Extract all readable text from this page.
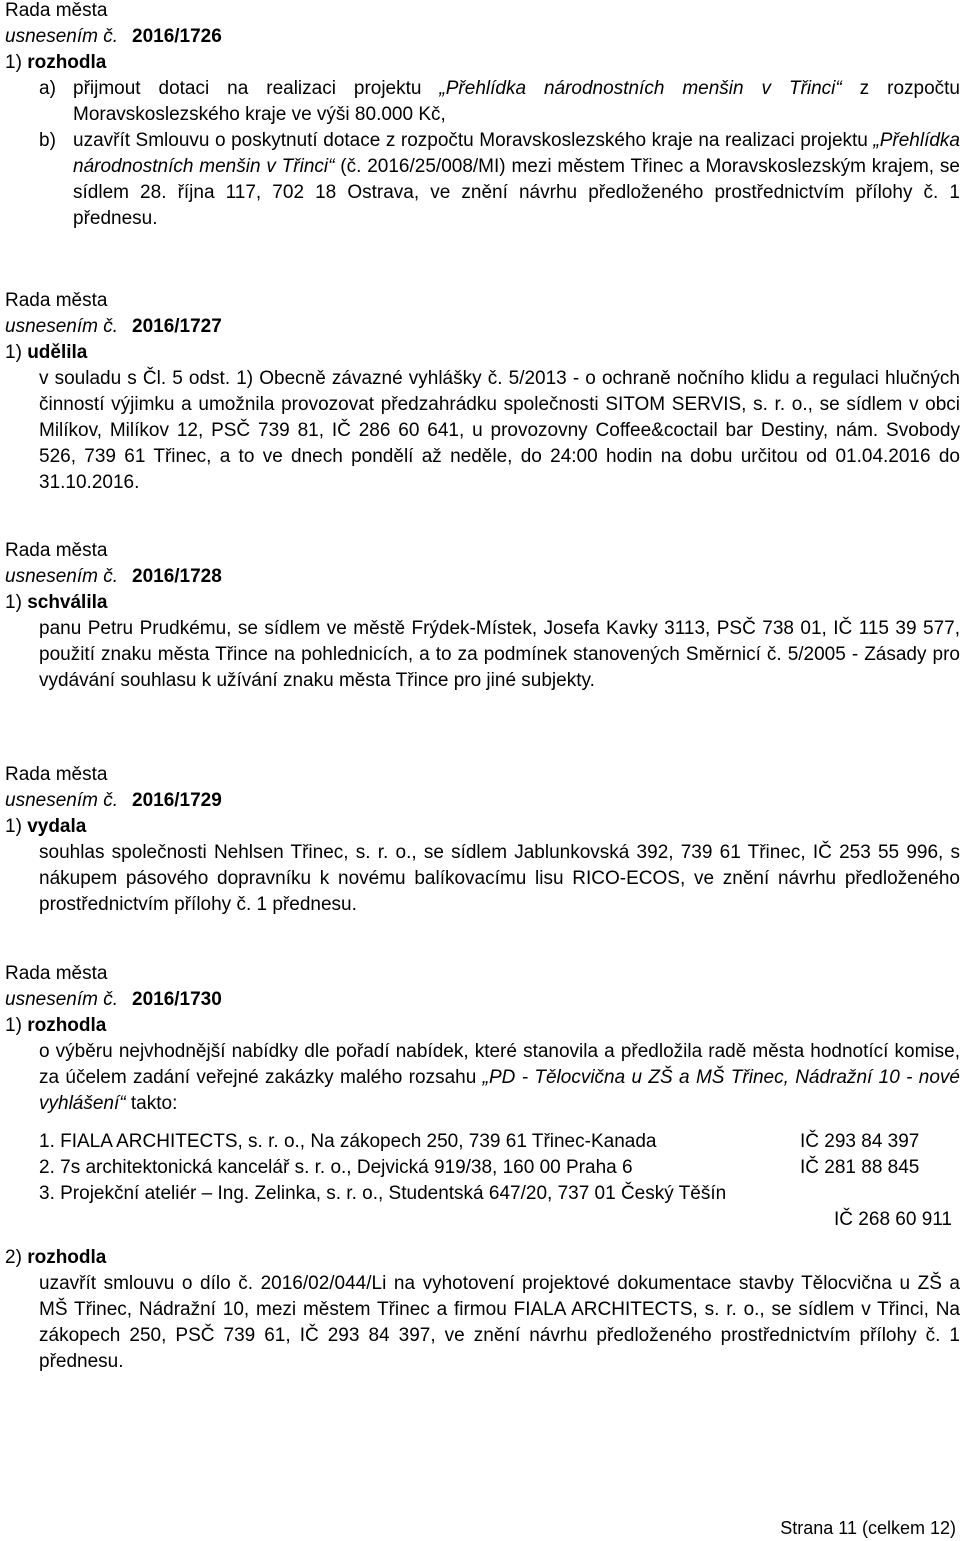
Rada města
usnesením č. 2016/1726
1) rozhodla
a) přijmout dotaci na realizaci projektu „Přehlídka národnostních menšin v Třinci“ z rozpočtu Moravskoslezského kraje ve výši 80.000 Kč,
b) uzavřít Smlouvu o poskytnutí dotace z rozpočtu Moravskoslezského kraje na realizaci projektu „Přehlídka národnostních menšin v Třinci“ (č. 2016/25/008/MI) mezi městem Třinec a Moravskoslezským krajem, se sídlem 28. října 117, 702 18 Ostrava, ve znění návrhu předloženého prostřednictvím přílohy č. 1 přednesu.
Rada města
usnesením č. 2016/1727
1) udělila
v souladu s Čl. 5 odst. 1) Obecně závazné vyhlášky č. 5/2013 - o ochraně nočního klidu a regulaci hlučných činností výjimku a umožnila provozovat předzahrádku společnosti SITOM SERVIS, s. r. o., se sídlem v obci Milíkov, Milíkov 12, PSČ 739 81, IČ 286 60 641, u provozovny Coffee&coctail bar Destiny, nám. Svobody 526, 739 61 Třinec, a to ve dnech pondělí až neděle, do 24:00 hodin na dobu určitou od 01.04.2016 do 31.10.2016.
Rada města
usnesením č. 2016/1728
1) schválila
panu Petru Prudkému, se sídlem ve městě Frýdek-Místek, Josefa Kavky 3113, PSČ 738 01, IČ 115 39 577, použití znaku města Třince na pohlednicích, a to za podmínek stanovených Směrnicí č. 5/2005 - Zásady pro vydávání souhlasu k užívání znaku města Třince pro jiné subjekty.
Rada města
usnesením č. 2016/1729
1) vydala
souhlas společnosti Nehlsen Třinec, s. r. o., se sídlem Jablunkovská 392, 739 61 Třinec, IČ 253 55 996, s nákupem pásového dopravníku k novému balíkovacímu lisu RICO-ECOS, ve znění návrhu předloženého prostřednictvím přílohy č. 1 přednesu.
Rada města
usnesením č. 2016/1730
1) rozhodla
o výběru nejvhodnější nabídky dle pořadí nabídek, které stanovila a předložila radě města hodnotící komise, za účelem zadání veřejné zakázky malého rozsahu „PD - Tělocvična u ZŠ a MŠ Třinec, Nádražní 10 - nové vyhlášení“ takto:
1. FIALA ARCHITECTS, s. r. o., Na zákopech 250, 739 61 Třinec-Kanada	IČ 293 84 397
2. 7s architektonická kancelář s. r. o., Dejvická 919/38, 160 00 Praha 6	IČ 281 88 845
3. Projekční ateliér – Ing. Zelinka, s. r. o., Studentská 647/20, 737 01 Český Těšín
IČ 268 60 911
2) rozhodla
uzavřít smlouvu o dílo č. 2016/02/044/Li na vyhotovení projektové dokumentace stavby Tělocvična u ZŠ a MŠ Třinec, Nádražní 10, mezi městem Třinec a firmou FIALA ARCHITECTS, s. r. o., se sídlem v Třinci, Na zákopech 250, PSČ 739 61, IČ 293 84 397, ve znění návrhu předloženého prostřednictvím přílohy č. 1 přednesu.
Strana 11 (celkem 12)
